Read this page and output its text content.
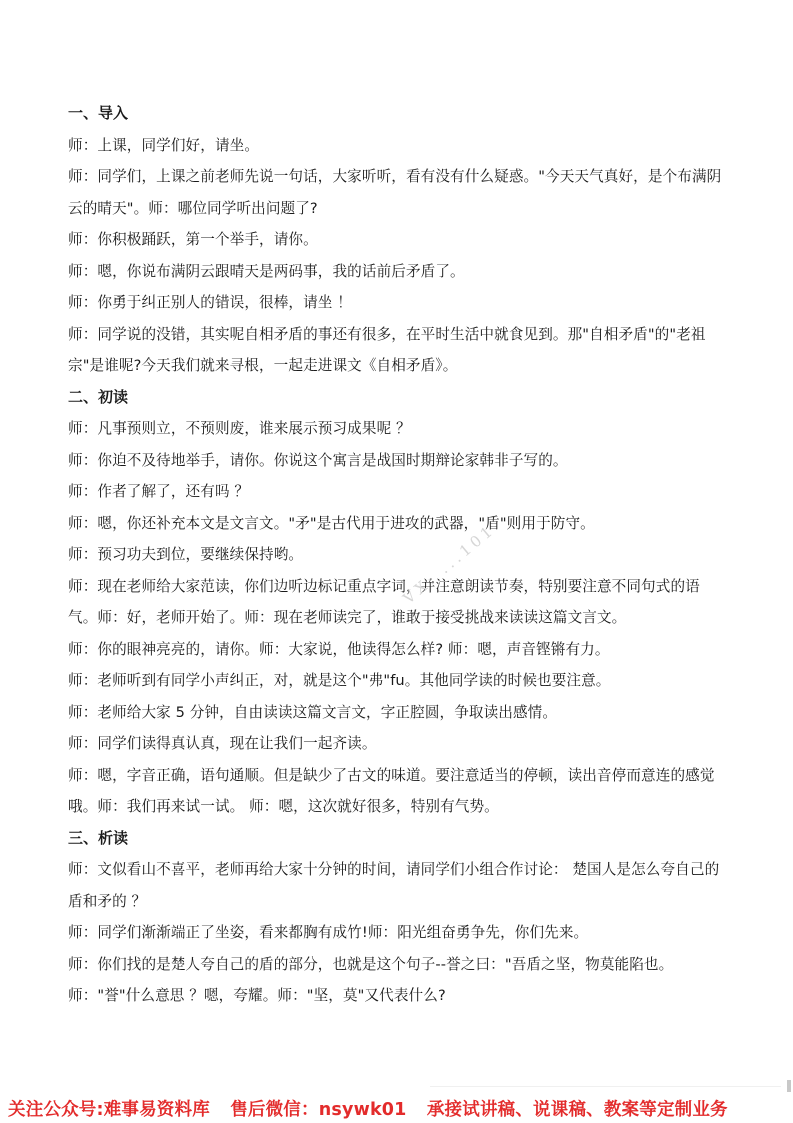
一、导入
师：上课，同学们好，请坐。
师：同学们，上课之前老师先说一句话，大家听听，看有没有什么疑惑。"今天天气真好，是个布满阴云的晴天"。师：哪位同学听出问题了?
师：你积极踊跃，第一个举手，请你。
师：嗯，你说布满阴云跟晴天是两码事，我的话前后矛盾了。
师：你勇于纠正别人的错误，很棒，请坐 ！
师：同学说的没错，其实呢自相矛盾的事还有很多，在平时生活中就食见到。那"自相矛盾"的"老祖宗"是谁呢?今天我们就来寻根，一起走进课文《自相矛盾》。
二、初读
师：凡事预则立，不预则废，谁来展示预习成果呢 ？
师：你迫不及待地举手，请你。你说这个寓言是战国时期辩论家韩非子写的。
师：作者了解了，还有吗 ？
师：嗯，你还补充本文是文言文。"矛"是古代用于进攻的武器，"盾"则用于防守。
师：预习功夫到位，要继续保持哟。
师：现在老师给大家范读，你们边听边标记重点字词，并注意朗读节奏，特别要注意不同句式的语气。师：好，老师开始了。师：现在老师读完了，谁敢于接受挑战来读读这篇文言文。
师：你的眼神亮亮的，请你。师：大家说，他读得怎么样? 师：嗯，声音铿锵有力。
师：老师听到有同学小声纠正，对，就是这个"弗"fu。其他同学读的时候也要注意。
师：老师给大家 5 分钟，自由读读这篇文言文，字正腔圆，争取读出感情。
师：同学们读得真认真，现在让我们一起齐读。
师：嗯，字音正确，语句通顺。但是缺少了古文的味道。要注意适当的停顿，读出音停而意连的感觉哦。师：我们再来试一试。 师：嗯，这次就好很多，特别有气势。
三、析读
师：文似看山不喜平，老师再给大家十分钟的时间，请同学们小组合作讨论： 楚国人是怎么夸自己的盾和矛的 ？
师：同学们渐渐端正了坐姿，看来都胸有成竹!师：阳光组奋勇争先，你们先来。
师：你们找的是楚人夸自己的盾的部分，也就是这个句子--誉之曰："吾盾之坚，物莫能陷也。
师："誉"什么意思 ？嗯，夸耀。师："坚，莫"又代表什么?
VX: ...101
关注公众号:难事易资料库 售后微信：nsywk01 承接试讲稿、说课稿、教案等定制业务
